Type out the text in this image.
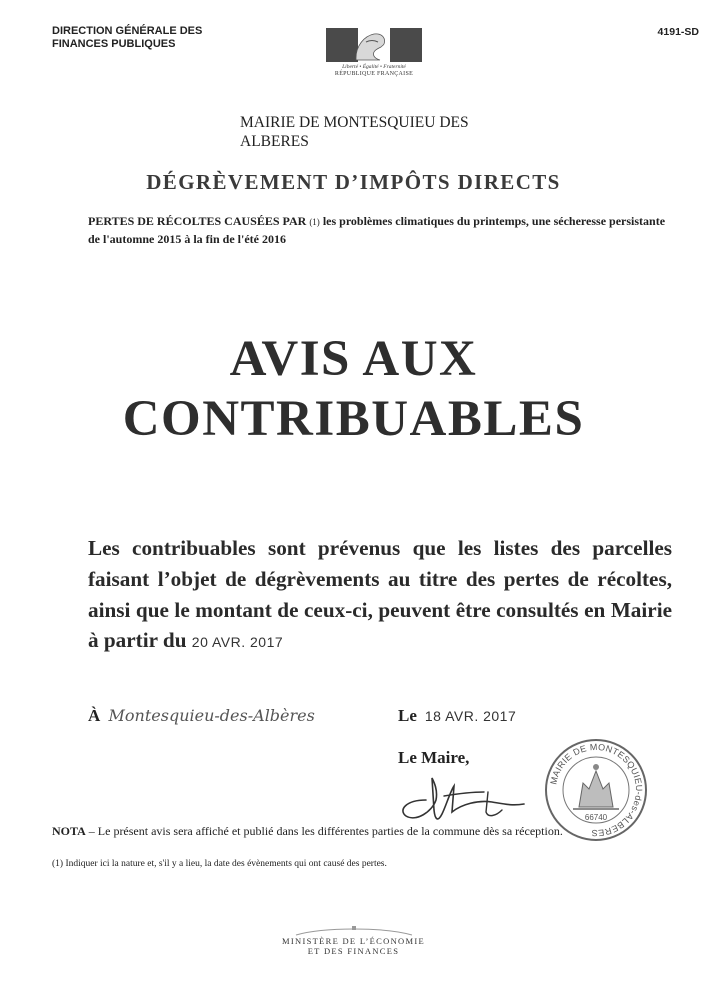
DIRECTION GÉNÉRALE DES
FINANCES PUBLIQUES
4191-SD
Liberté • Égalité • Fraternité
RÉPUBLIQUE FRANÇAISE
MAIRIE DE MONTESQUIEU DES
ALBERES
DÉGRÈVEMENT D’IMPÔTS DIRECTS
PERTES DE RÉCOLTES CAUSÉES PAR (1) les problèmes climatiques du printemps, une sécheresse persistante de l'automne 2015 à la fin de l'été 2016
AVIS AUX
CONTRIBUABLES
Les contribuables sont prévenus que les listes des parcelles faisant l’objet de dégrèvements au titre des pertes de récoltes, ainsi que le montant de ceux-ci, peuvent être consultés en Mairie à partir du 20 AVR. 2017
À Montesquieu-des-Albères	Le 18 AVR. 2017
Le Maire,
MAIRIE DE MONTESQUIEU-des-ALBERES
66740
NOTA – Le présent avis sera affiché et publié dans les différentes parties de la commune dès sa réception.
(1) Indiquer ici la nature et, s'il y a lieu, la date des évènements qui ont causé des pertes.
MINISTÈRE DE L’ÉCONOMIE
ET DES FINANCES
